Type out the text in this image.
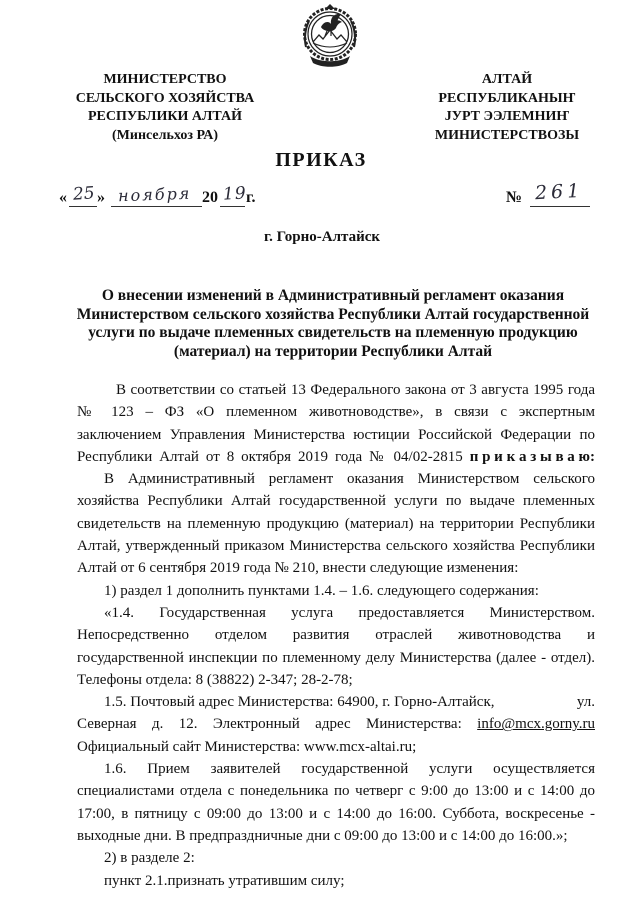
МИНИСТЕРСТВО
СЕЛЬСКОГО ХОЗЯЙСТВА
РЕСПУБЛИКИ АЛТАЙ
(Минсельхоз РА)
АЛТАЙ
РЕСПУБЛИКАНЫҤ
ЈУРТ ЭЭЛЕМНИҤ
МИНИСТЕРСТВОЗЫ
ПРИКАЗ
« 25 » ноября 20 19
г.	№ 261
г. Горно-Алтайск
О внесении изменений в Административный регламент оказания
Министерством сельского хозяйства Республики Алтай государственной
услуги по выдаче племенных свидетельств на племенную продукцию
(материал) на территории Республики Алтай
В соответствии со статьей 13 Федерального закона от 3 августа 1995 года
№ 123 – ФЗ «О племенном животноводстве», в связи с экспертным
заключением Управления Министерства юстиции Российской Федерации по
Республики Алтай от 8 октября 2019 года № 04/02-2815 п р и к а з ы в а ю:
В Административный регламент оказания Министерством сельского
хозяйства Республики Алтай государственной услуги по выдаче племенных
свидетельств на племенную продукцию (материал) на территории Республики
Алтай, утвержденный приказом Министерства сельского хозяйства Республики
Алтай от 6 сентября 2019 года № 210, внести следующие изменения:
1) раздел 1 дополнить пунктами 1.4. – 1.6. следующего содержания:
«1.4. Государственная услуга предоставляется Министерством.
Непосредственно отделом развития отраслей животноводства и
государственной инспекции по племенному делу Министерства (далее - отдел).
Телефоны отдела: 8 (38822) 2-347; 28-2-78;
1.5. Почтовый адрес Министерства: 64900, г. Горно-Алтайск,	ул.
Северная д. 12. Электронный адрес Министерства: info@mcx.gorny.ru
Официальный сайт Министерства: www.mcx-altai.ru;
1.6. Прием заявителей государственной услуги осуществляется
специалистами отдела с понедельника по четверг с 9:00 до 13:00 и с 14:00 до
17:00, в пятницу с 09:00 до 13:00 и с 14:00 до 16:00. Суббота, воскресенье -
выходные дни. В предпраздничные дни с 09:00 до 13:00 и с 14:00 до 16:00.»;
2) в разделе 2:
пункт 2.1.признать утратившим силу;
